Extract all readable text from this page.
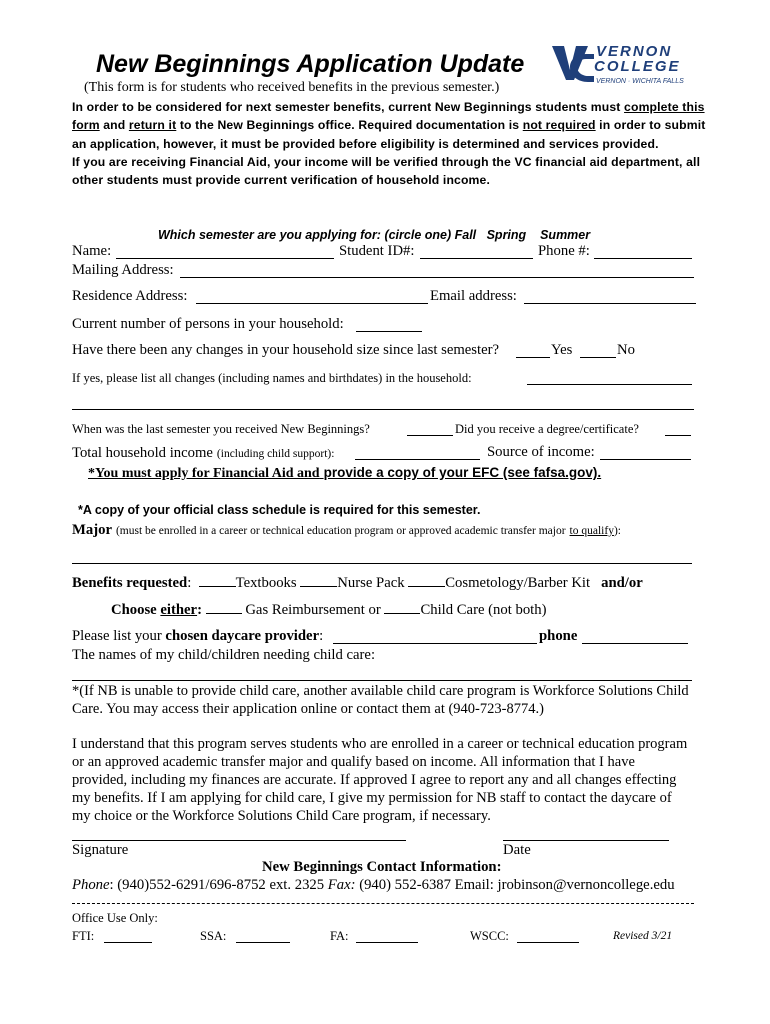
New Beginnings Application Update	VERNON
COLLEGE
VERNON · WICHITA FALLS
(This form is for students who received benefits in the previous semester.)
In order to be considered for next semester benefits, current New Beginnings students must complete this form and return it to the New Beginnings office. Required documentation is not required in order to submit an application, however, it must be provided before eligibility is determined and services provided.
If you are receiving Financial Aid, your income will be verified through the VC financial aid department, all other students must provide current verification of household income.
Which semester are you applying for: (circle one) Fall Spring Summer
Name:	Student ID#:	Phone #:
Mailing Address:
Residence Address:	Email address:
Current number of persons in your household:
Have there been any changes in your household size since last semester?	Yes	No
If yes, please list all changes (including names and birthdates) in the household:
When was the last semester you received New Beginnings?	Did you receive a degree/certificate?
Total household income (including child support):	Source of income:
*You must apply for Financial Aid and provide a copy of your EFC (see fafsa.gov).
*A copy of your official class schedule is required for this semester.
Major (must be enrolled in a career or technical education program or approved academic transfer major to qualify):
Benefits requested:	Textbooks	Nurse Pack	Cosmetology/Barber Kit and/or
Choose either:	Gas Reimbursement or	Child Care (not both)
Please list your chosen daycare provider:	phone
The names of my child/children needing child care:
*(If NB is unable to provide child care, another available child care program is Workforce Solutions Child Care. You may access their application online or contact them at (940-723-8774.)
I understand that this program serves students who are enrolled in a career or technical education program or an approved academic transfer major and qualify based on income. All information that I have provided, including my finances are accurate. If approved I agree to report any and all changes effecting my benefits. If I am applying for child care, I give my permission for NB staff to contact the daycare of my choice or the Workforce Solutions Child Care program, if necessary.
Signature	Date
New Beginnings Contact Information:
Phone: (940)552-6291/696-8752 ext. 2325 Fax: (940) 552-6387 Email: jrobinson@vernoncollege.edu
Office Use Only:
FTI:	SSA:	FA:	WSCC:	Revised 3/21
